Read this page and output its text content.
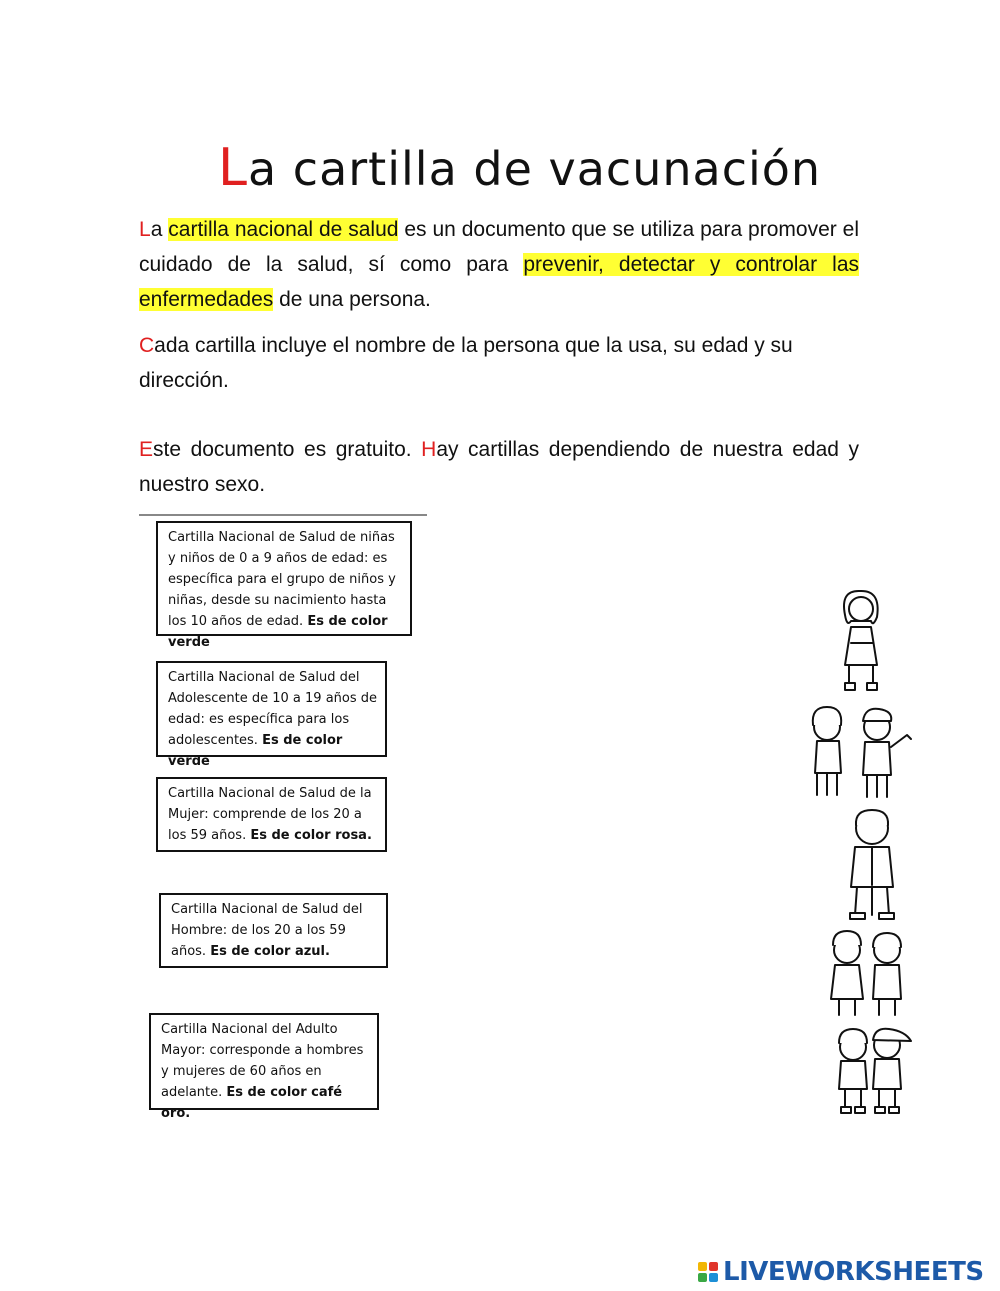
La cartilla de vacunación
La cartilla nacional de salud es un documento que se utiliza para promover el cuidado de la salud, sí como para prevenir, detectar y controlar las enfermedades de una persona.
Cada cartilla incluye el nombre de la persona que la usa, su edad y su dirección.
Este documento es gratuito. Hay cartillas dependiendo de nuestra edad y nuestro sexo.
Cartilla Nacional de Salud de niñas y niños de 0 a 9 años de edad: es específica para el grupo de niños y niñas, desde su nacimiento hasta los 10 años de edad. Es de color verde
Cartilla Nacional de Salud del Adolescente de 10 a 19 años de edad: es específica para los adolescentes. Es de color verde
Cartilla Nacional de Salud de la Mujer: comprende de los 20 a los 59 años. Es de color rosa.
Cartilla Nacional de Salud del Hombre: de los 20 a los 59 años. Es de color azul.
Cartilla Nacional del Adulto Mayor: corresponde a hombres y mujeres de 60 años en adelante. Es de color café oro.
LIVEWORKSHEETS
